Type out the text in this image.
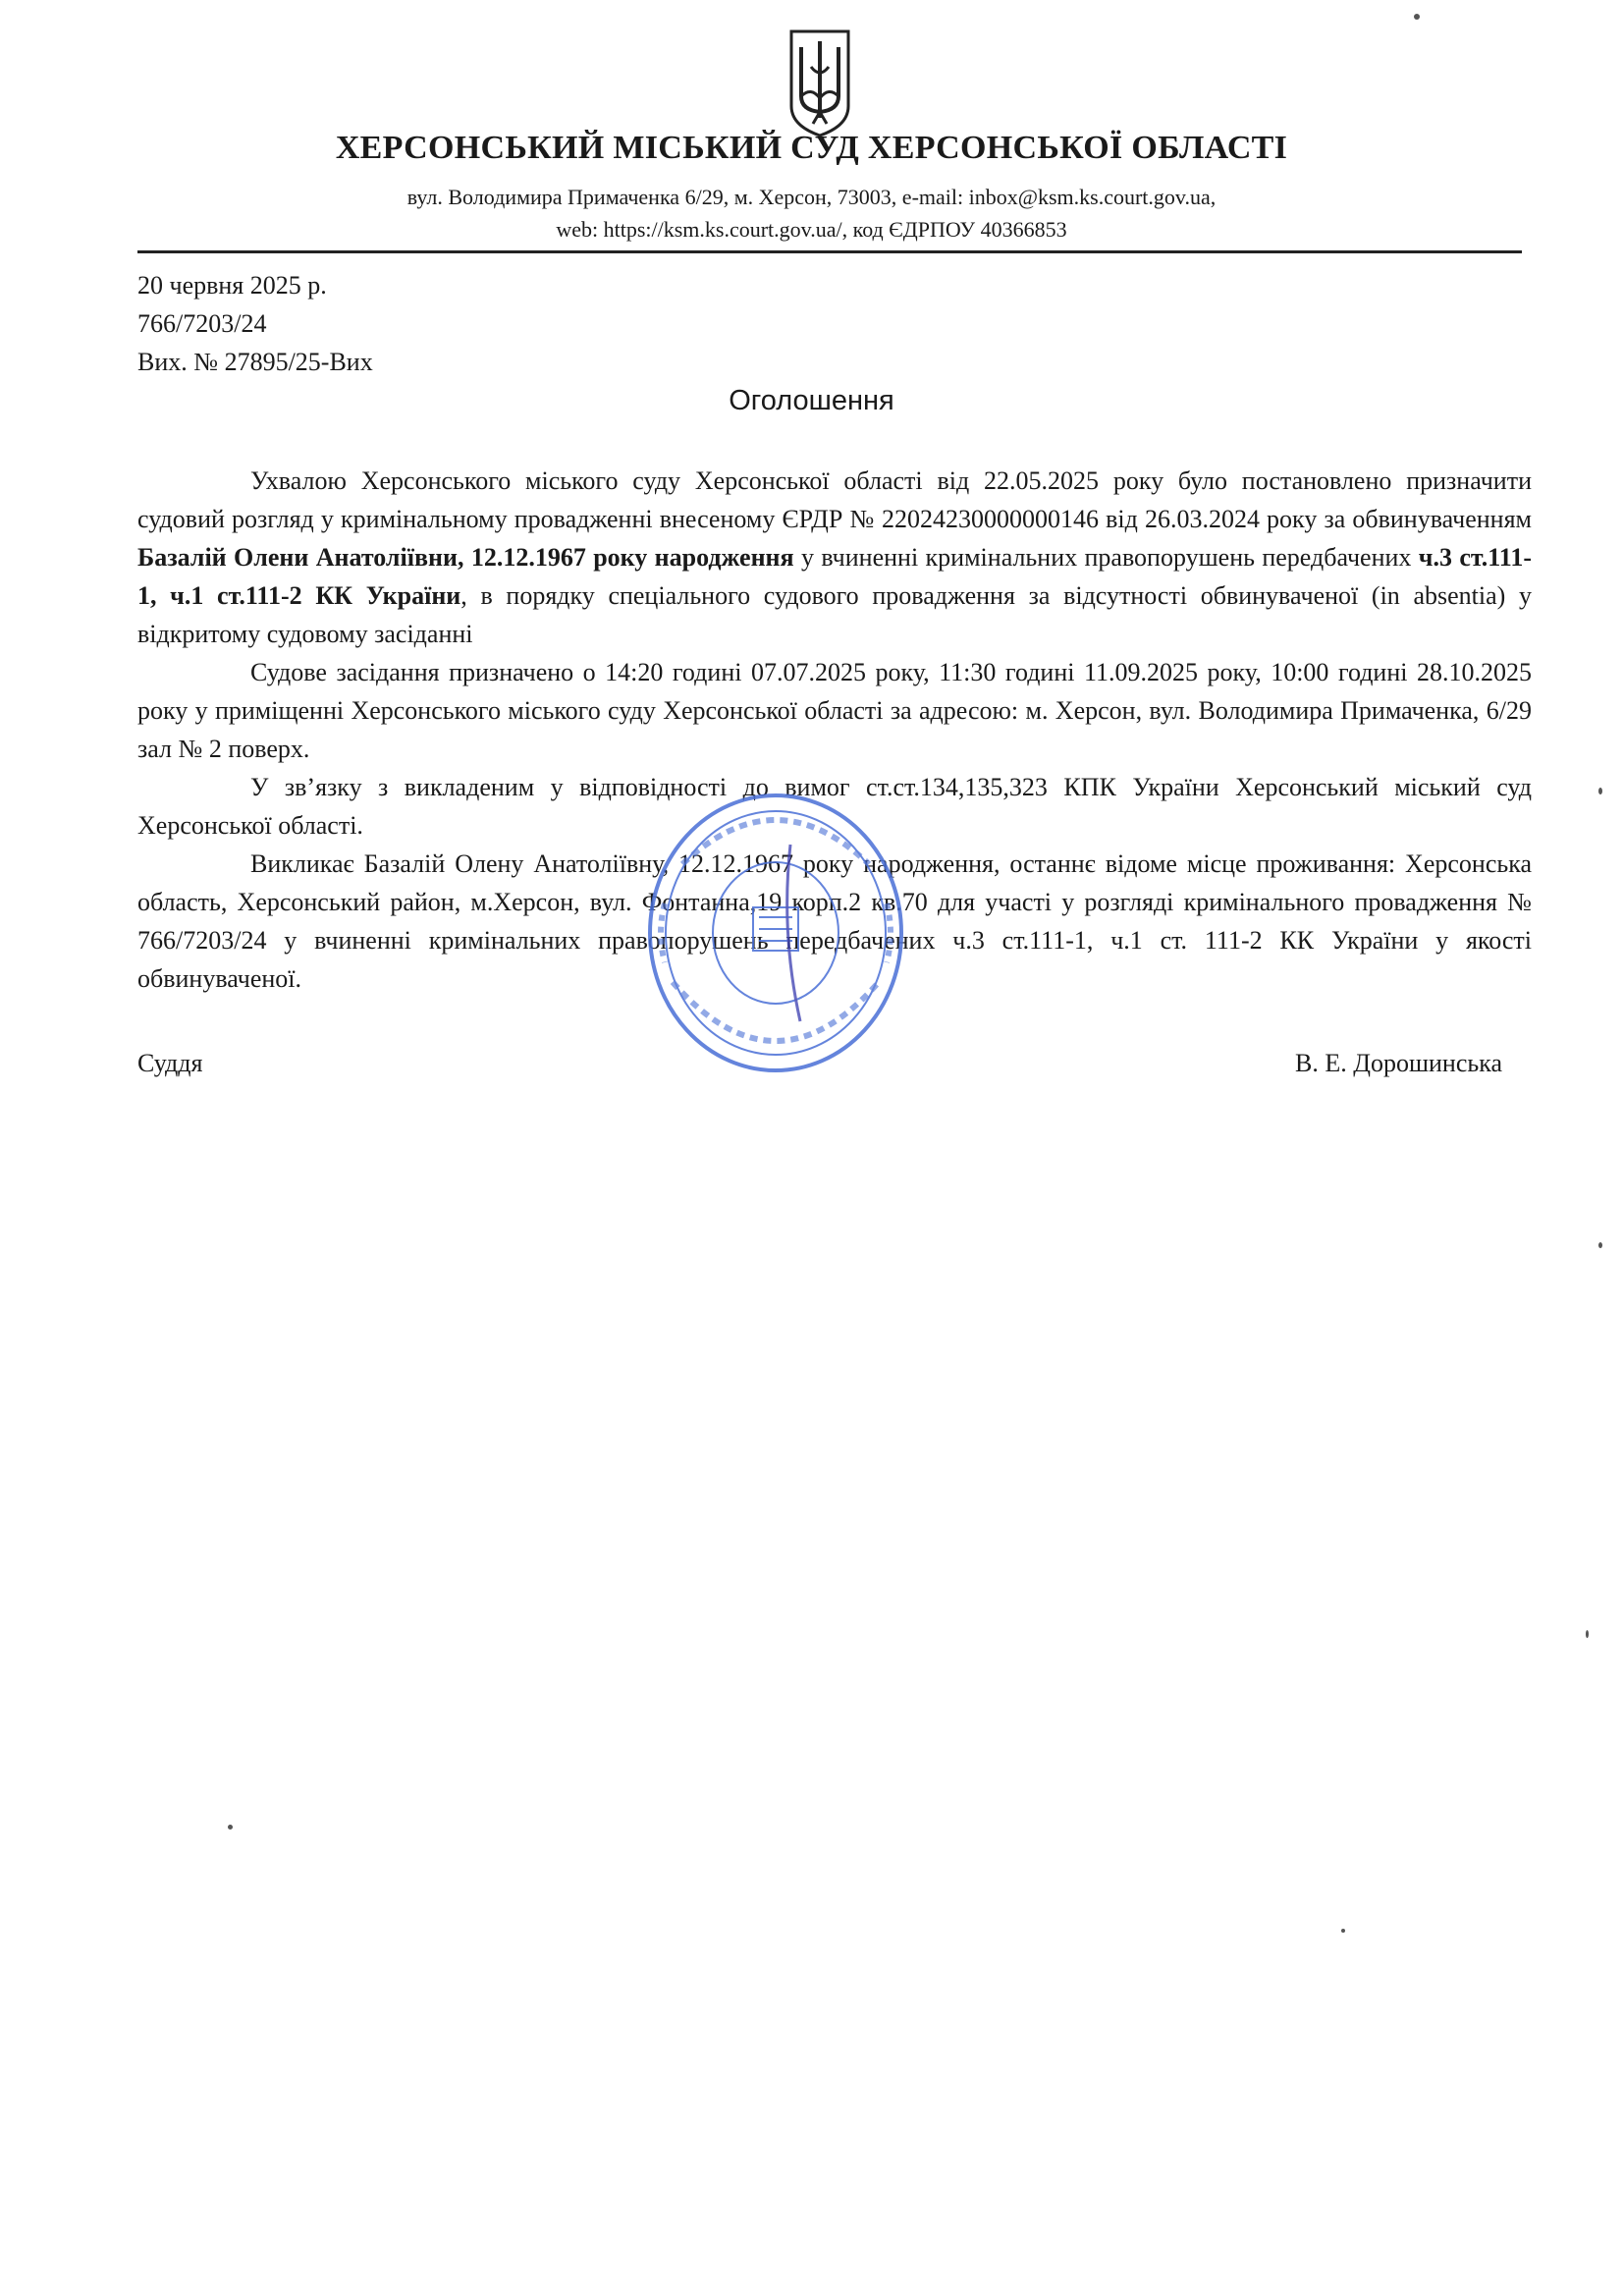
ХЕРСОНСЬКИЙ МІСЬКИЙ СУД ХЕРСОНСЬКОЇ ОБЛАСТІ
вул. Володимира Примаченка 6/29, м. Херсон, 73003, e-mail: inbox@ksm.ks.court.gov.ua,
web: https://ksm.ks.court.gov.ua/, код ЄДРПОУ 40366853
20 червня 2025 р.
766/7203/24
Вих. № 27895/25-Вих
Оголошення

Ухвалою Херсонського міського суду Херсонської області від 22.05.2025 року було постановлено призначити судовий розгляд у кримінальному провадженні внесеному ЄРДР № 22024230000000146 від 26.03.2024 року за обвинуваченням Базалій Олени Анатоліївни, 12.12.1967 року народження у вчиненні кримінальних правопорушень передбачених ч.3 ст.111-1, ч.1 ст.111-2 КК України, в порядку спеціального судового провадження за відсутності обвинуваченої (in absentia) у відкритому судовому засіданні

Судове засідання призначено о 14:20 годині 07.07.2025 року, 11:30 годині 11.09.2025 року, 10:00 годині 28.10.2025 року у приміщенні Херсонського міського суду Херсонської області за адресою: м. Херсон, вул. Володимира Примаченка, 6/29 зал № 2 поверх.

У зв’язку з викладеним у відповідності до вимог ст.ст.134,135,323 КПК України Херсонський міський суд Херсонської області.

Викликає Базалій Олену Анатоліївну, 12.12.1967 року народження, останнє відоме місце проживання: Херсонська область, Херсонський район, м.Херсон, вул. Фонтанна,19 корп.2 кв.70 для участі у розгляді кримінального провадження № 766/7203/24 у вчиненні кримінальних правопорушень передбачених ч.3 ст.111-1, ч.1 ст. 111-2 КК України у якості обвинуваченої.

Суддя	В. Е. Дорошинська
